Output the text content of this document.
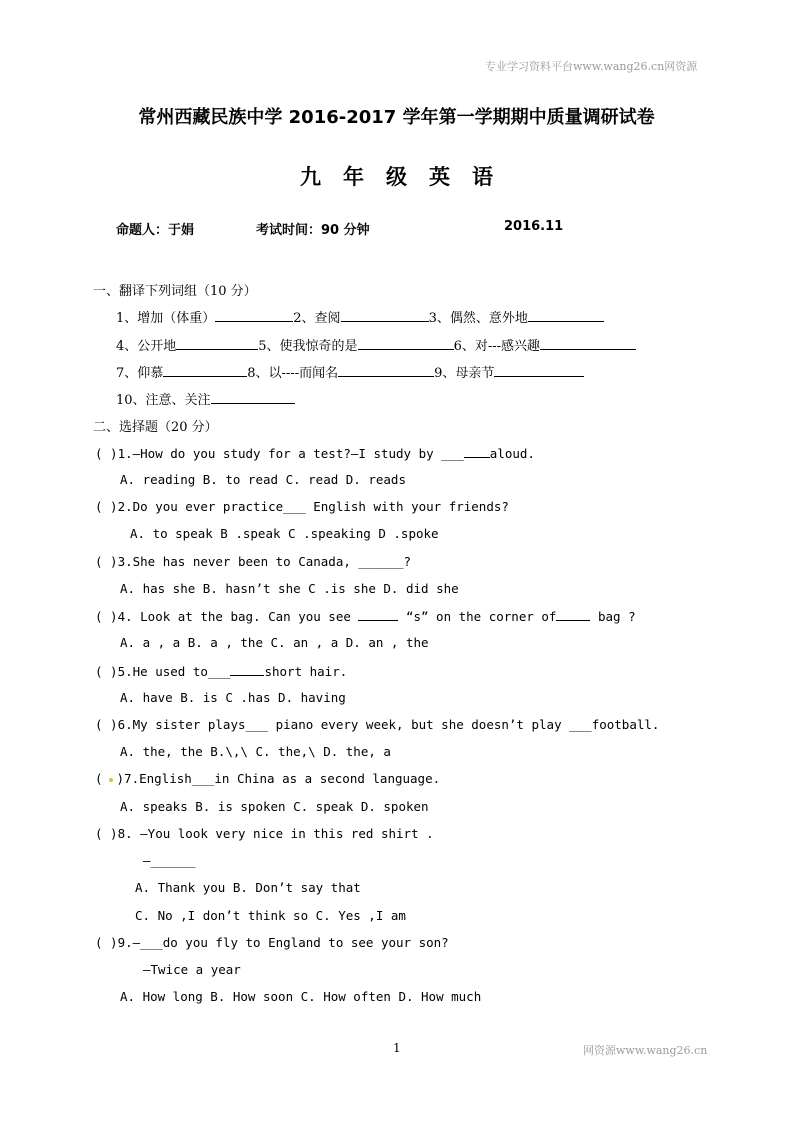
专业学习资料平台www.wang26.cn网资源
常州西藏民族中学 2016-2017 学年第一学期期中质量调研试卷
九年级英语
命题人：于娟	考试时间：90 分钟	2016.11
一、翻译下列词组（10 分）
1、增加（体重）	2、查阅	3、偶然、意外地
4、公开地	5、使我惊奇的是	6、对---感兴趣
7、仰慕	8、以----而闻名	9、母亲节
10、注意、关注
二、选择题（20 分）
( )1.—How do you study for a test?—I study by ___ aloud.
A. reading B. to read C. read D. reads
( )2.Do you ever practice___ English with your friends?
A. to speak B .speak C .speaking D .spoke
( )3.She has never been to Canada, ______?
A. has she B. hasn’t she C .is she D. did she
( )4. Look at the bag. Can you see	“s” on the corner of	bag ?
A. a , a B. a , the C. an , a D. an , the
( )5.He used to___	short hair.
A. have B. is C .has D. having
( )6.My sister plays___ piano every week, but she doesn’t play ___football.
A. the, the B.\,\ C. the,\ D. the, a
( )7.English___in China as a second language.
A. speaks B. is spoken C. speak D. spoken
( )8. —You look very nice in this red shirt .
—______
A. Thank you B. Don’t say that
C. No ,I don’t think so C. Yes ,I am
( )9.—___do you fly to England to see your son?
—Twice a year
A. How long B. How soon C. How often D. How much
1	网资源www.wang26.cn
